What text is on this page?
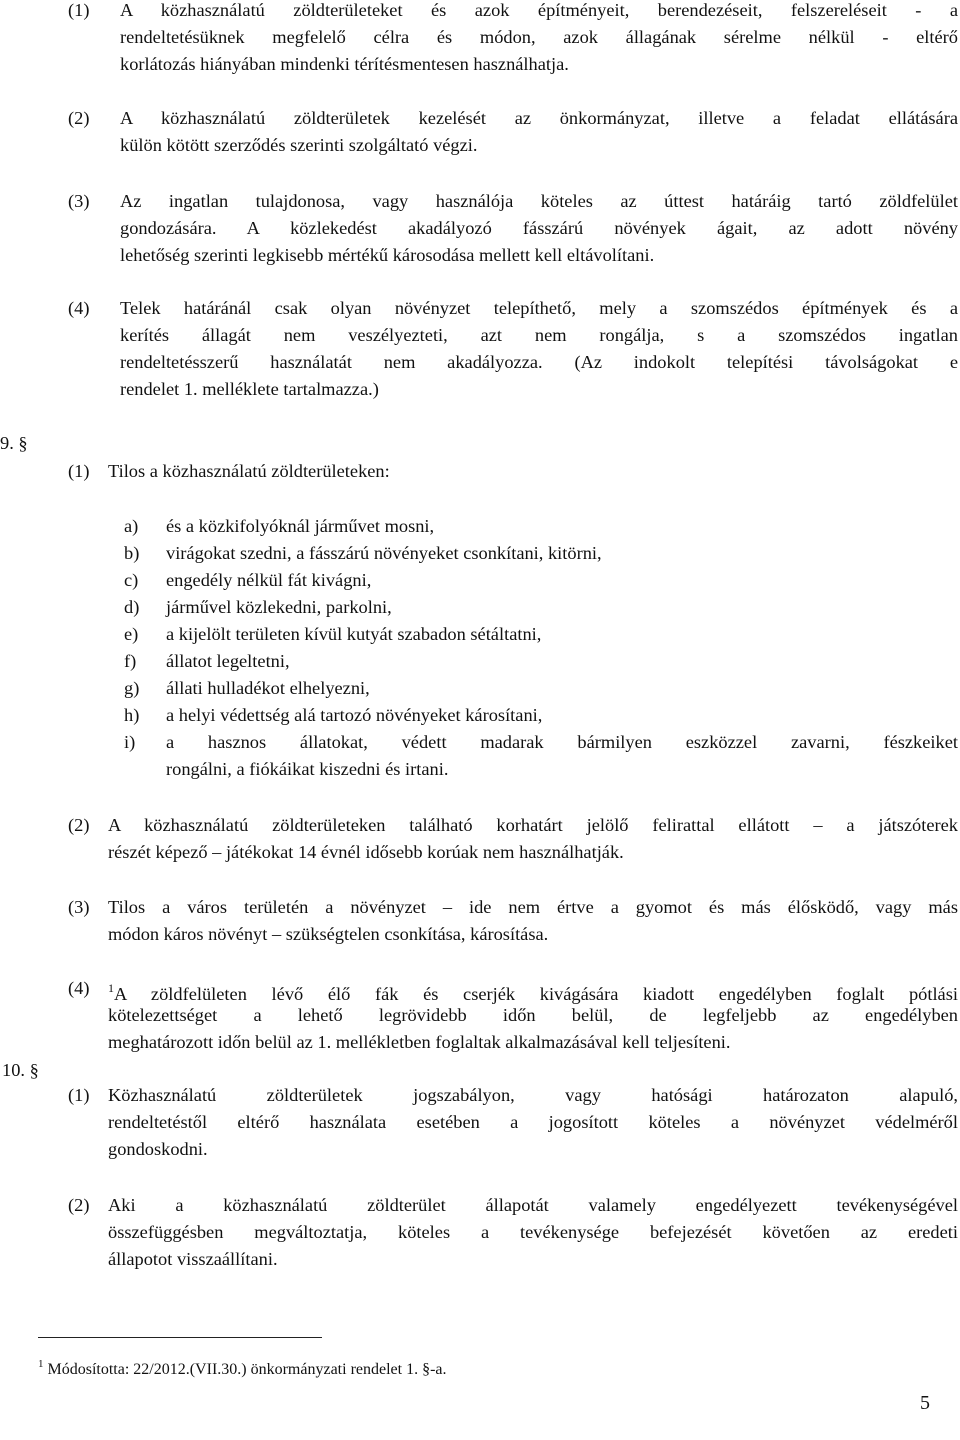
(1) A közhasználatú zöldterületeket és azok építményeit, berendezéseit, felszereléseit - a
rendeltetésüknek megfelelő célra és módon, azok állagának sérelme nélkül - eltérő
korlátozás hiányában mindenki térítésmentesen használhatja.
(2) A közhasználatú zöldterületek kezelését az önkormányzat, illetve a feladat ellátására
külön kötött szerződés szerinti szolgáltató végzi.
(3) Az ingatlan tulajdonosa, vagy használója köteles az úttest határáig tartó zöldfelület
gondozására. A közlekedést akadályozó fásszárú növények ágait, az adott növény
lehetőség szerinti legkisebb mértékű károsodása mellett kell eltávolítani.
(4) Telek határánál csak olyan növényzet telepíthető, mely a szomszédos építmények és a
kerítés állagát nem veszélyezteti, azt nem rongálja, s a szomszédos ingatlan
rendeltetésszerű használatát nem akadályozza. (Az indokolt telepítési távolságokat e
rendelet 1. melléklete tartalmazza.)
9. §
(1) Tilos a közhasználatú zöldterületeken:
a) és a közkifolyóknál járművet mosni,
b) virágokat szedni, a fásszárú növényeket csonkítani, kitörni,
c) engedély nélkül fát kivágni,
d) járművel közlekedni, parkolni,
e) a kijelölt területen kívül kutyát szabadon sétáltatni,
f) állatot legeltetni,
g) állati hulladékot elhelyezni,
h) a helyi védettség alá tartozó növényeket károsítani,
i) a hasznos állatokat, védett madarak bármilyen eszközzel zavarni, fészkeiket
rongálni, a fiókáikat kiszedni és irtani.
(2) A közhasználatú zöldterületeken található korhatárt jelölő felirattal ellátott – a játszóterek
részét képező – játékokat 14 évnél idősebb korúak nem használhatják.
(3) Tilos a város területén a növényzet – ide nem értve a gyomot és más élősködő, vagy más
módon káros növényt – szükségtelen csonkítása, károsítása.
(4) $^1$A zöldfelületen lévő élő fák és cserjék kivágására kiadott engedélyben foglalt pótlási
kötelezettséget a lehető legrövidebb időn belül, de legfeljebb az engedélyben
meghatározott időn belül az 1. mellékletben foglaltak alkalmazásával kell teljesíteni.
10. §
(1) Közhasználatú zöldterületek jogszabályon, vagy hatósági határozaton alapuló,
rendeltetéstől eltérő használata esetében a jogosított köteles a növényzet védelméről
gondoskodni.
(2) Aki a közhasználatú zöldterület állapotát valamely engedélyezett tevékenységével
összefüggésben megváltoztatja, köteles a tevékenysége befejezését követően az eredeti
állapotot visszaállítani.
$^1$ Módosította: 22/2012.(VII.30.) önkormányzati rendelet 1. §-a.
5
